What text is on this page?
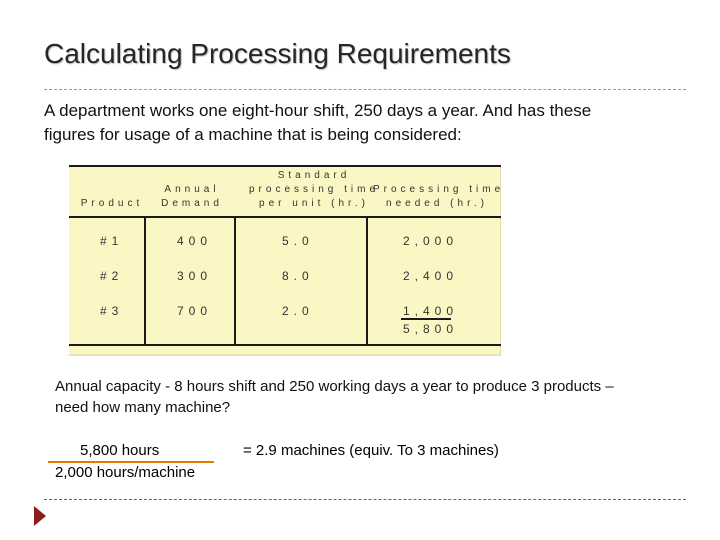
Calculating Processing Requirements
A department works one eight-hour shift, 250 days a year. And has these figures for usage of a machine that is being considered:
Product
Annual
Demand
Standard
processing time
per unit (hr.)
Processing time
needed (hr.)
#1	400	5.0	2,000
#2	300	8.0	2,400
#3	700	2.0	1,400
5,800
Annual capacity - 8 hours shift and 250 working days a year to produce 3 products – need how many machine?
5,800 hours
2,000 hours/machine
= 2.9 machines (equiv. To 3 machines)
